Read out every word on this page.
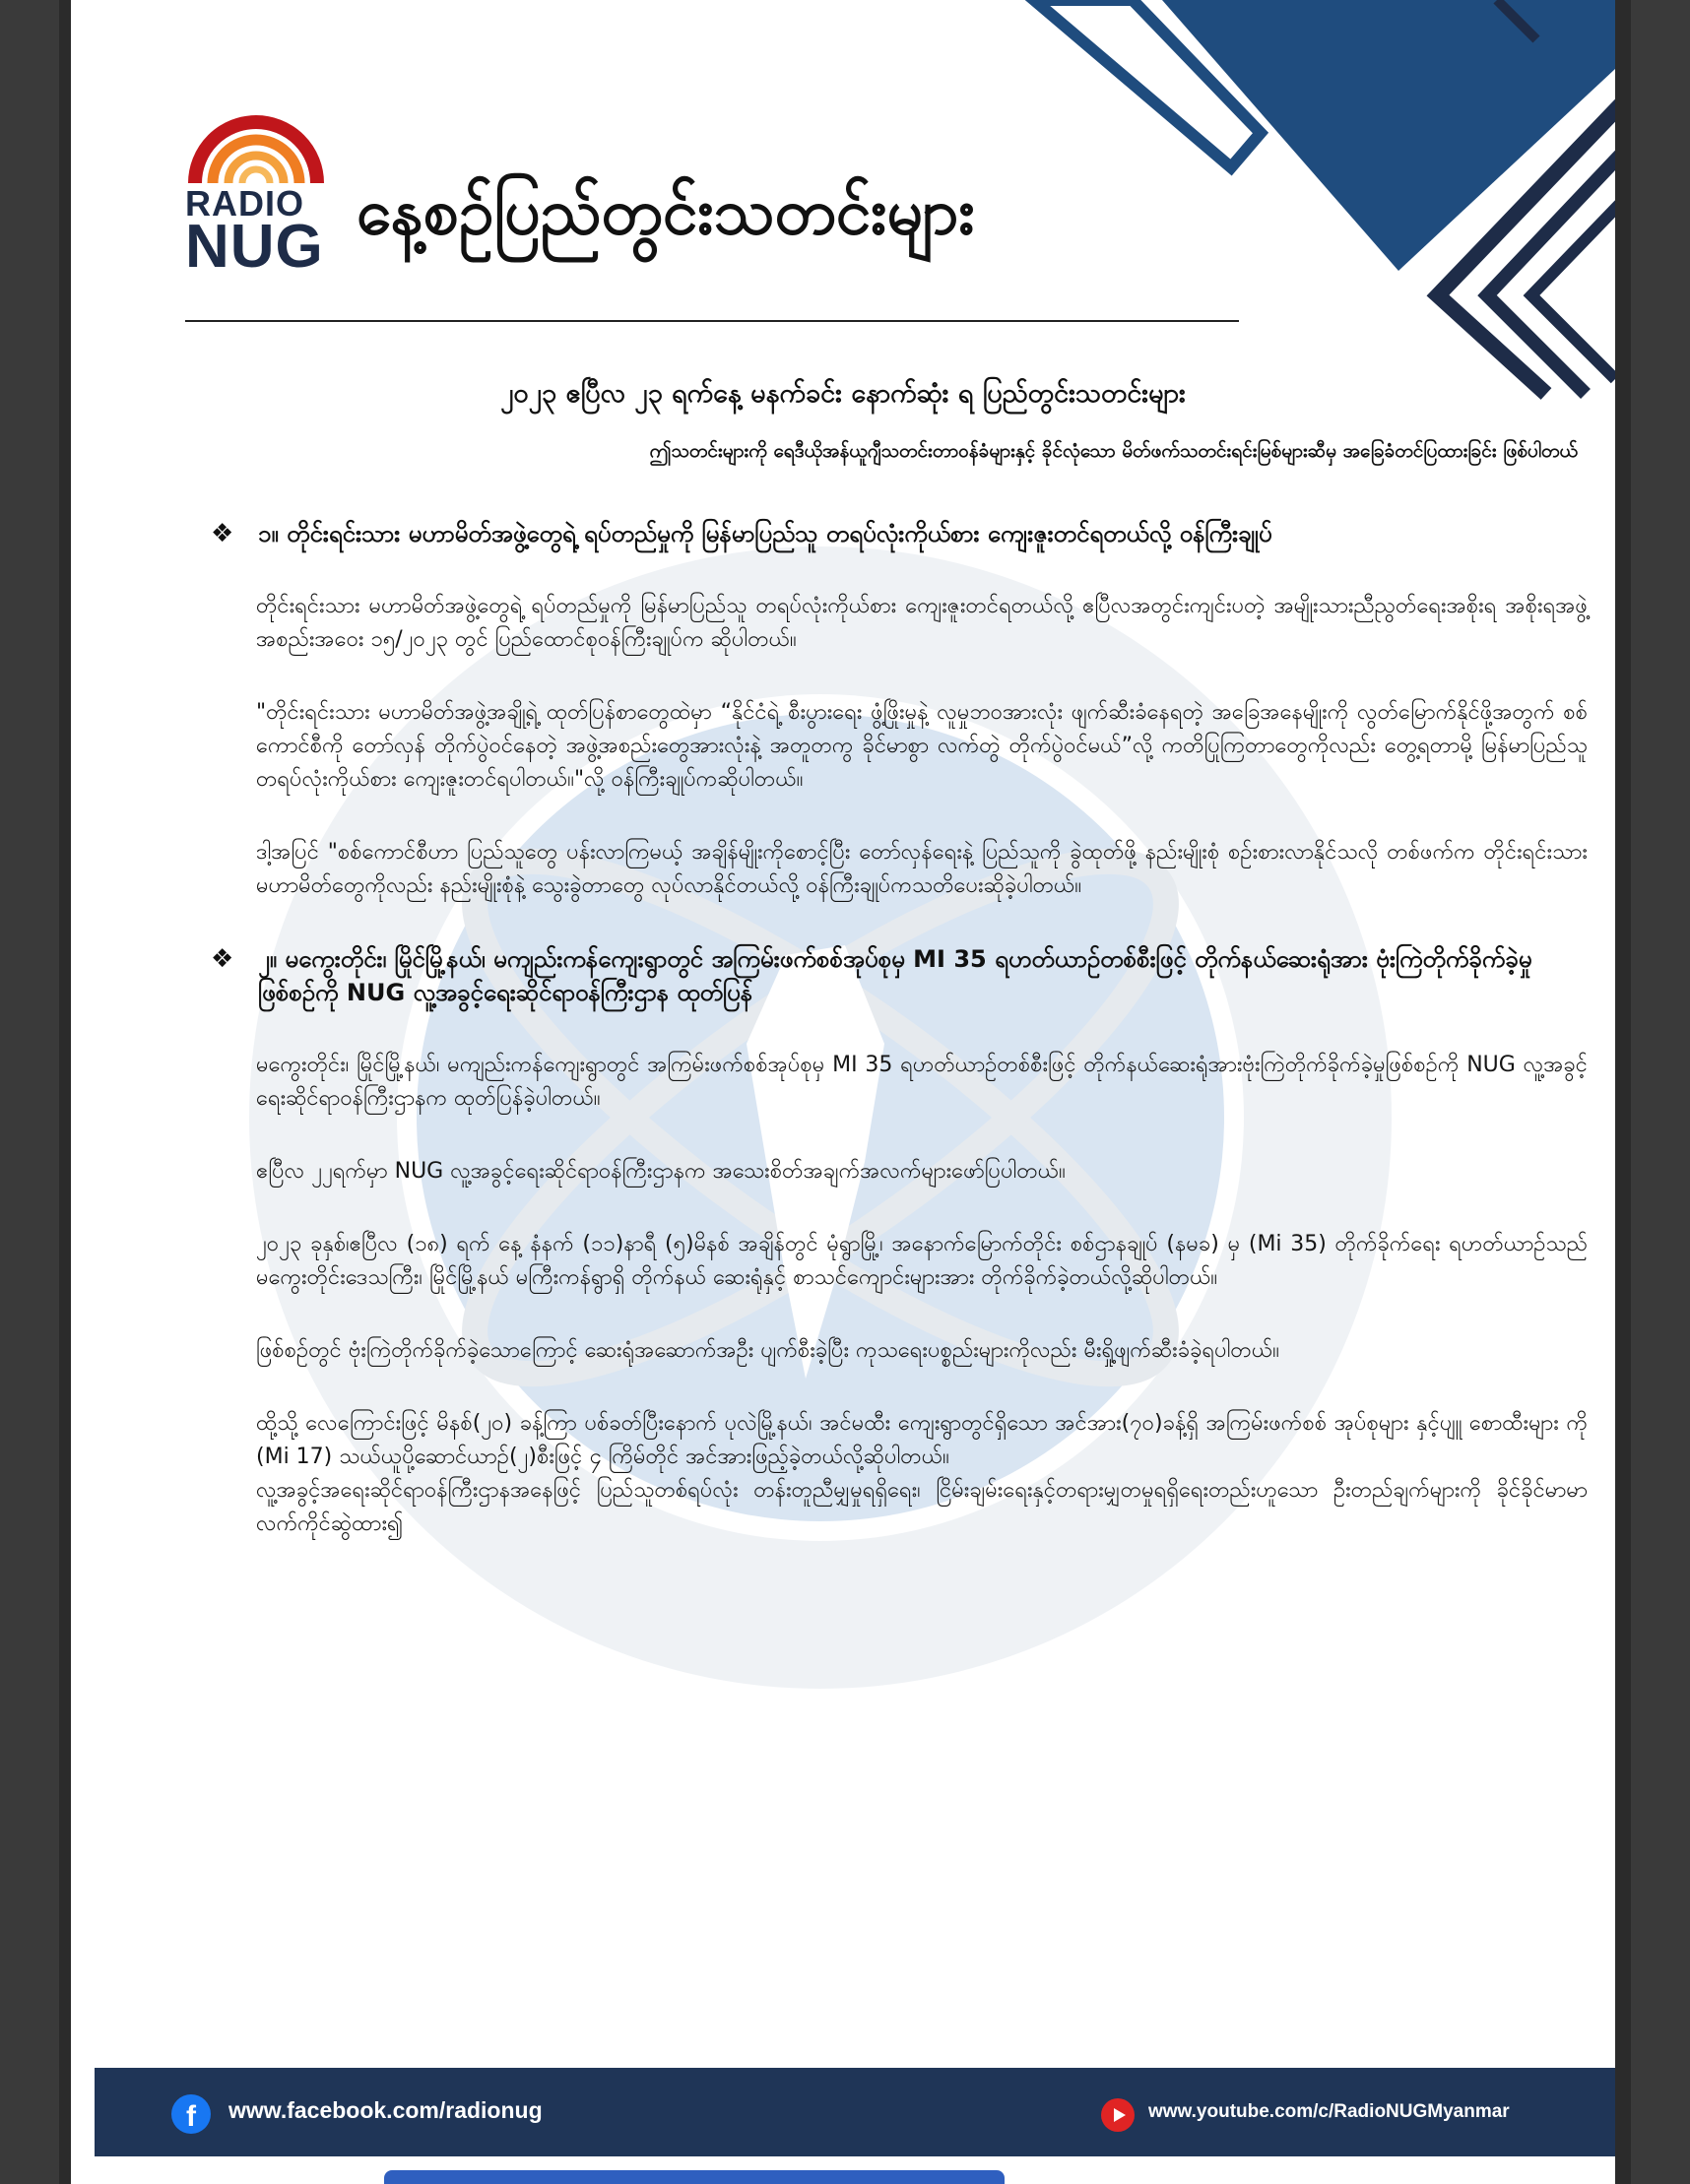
RADIO
NUG နေ့စဉ်ပြည်တွင်းသတင်းများ
၂၀၂၃ ဧပြီလ ၂၃ ရက်နေ့ မနက်ခင်း နောက်ဆုံး ရ ပြည်တွင်းသတင်းများ
ဤသတင်းများကို ရေဒီယိုအန်ယူဂျီသတင်းတာဝန်ခံများနှင့် ခိုင်လုံသော မိတ်ဖက်သတင်းရင်းမြစ်များဆီမှ အခြေခံတင်ပြထားခြင်း ဖြစ်ပါတယ်
❖ ၁။ တိုင်းရင်းသား မဟာမိတ်အဖွဲ့တွေရဲ့ ရပ်တည်မှုကို မြန်မာပြည်သူ တရပ်လုံးကိုယ်စား ကျေးဇူးတင်ရတယ်လို့ ဝန်ကြီးချုပ်

တိုင်းရင်းသား မဟာမိတ်အဖွဲ့တွေရဲ့ ရပ်တည်မှုကို မြန်မာပြည်သူ တရပ်လုံးကိုယ်စား ကျေးဇူးတင်ရတယ်လို့ ဧပြီလအတွင်းကျင်းပတဲ့ အမျိုးသားညီညွတ်ရေးအစိုးရ အစိုးရအဖွဲ့အစည်းအဝေး ၁၅/၂၀၂၃ တွင် ပြည်ထောင်စုဝန်ကြီးချုပ်က ဆိုပါတယ်။

"တိုင်းရင်းသား မဟာမိတ်အဖွဲ့အချို့ရဲ့ ထုတ်ပြန်စာတွေထဲမှာ “နိုင်ငံရဲ့ စီးပွားရေး ဖွံ့ဖြိုးမှုနဲ့ လူမှုဘဝအားလုံး ဖျက်ဆီးခံနေရတဲ့ အခြေအနေမျိုးကို လွတ်မြောက်နိုင်ဖို့အတွက် စစ်ကောင်စီကို တော်လှန် တိုက်ပွဲဝင်နေတဲ့ အဖွဲ့အစည်းတွေအားလုံးနဲ့ အတူတကွ ခိုင်မာစွာ လက်တွဲ တိုက်ပွဲဝင်မယ်”လို့ ကတိပြုကြတာတွေကိုလည်း တွေ့ရတာမို့ မြန်မာပြည်သူ တရပ်လုံးကိုယ်စား ကျေးဇူးတင်ရပါတယ်။"လို့ ဝန်ကြီးချုပ်ကဆိုပါတယ်။

ဒါ့အပြင် "စစ်ကောင်စီဟာ ပြည်သူတွေ ပန်းလာကြမယ့် အချိန်မျိုးကိုစောင့်ပြီး တော်လှန်ရေးနဲ့ ပြည်သူကို ခွဲထုတ်ဖို့ နည်းမျိုးစုံ စဉ်းစားလာနိုင်သလို တစ်ဖက်က တိုင်းရင်းသား မဟာမိတ်တွေကိုလည်း နည်းမျိုးစုံနဲ့ သွေးခွဲတာတွေ လုပ်လာနိုင်တယ်လို့ ဝန်ကြီးချုပ်ကသတိပေးဆိုခဲ့ပါတယ်။

❖ ၂။ မကွေးတိုင်း၊ မြိုင်မြို့နယ်၊ မကျည်းကန်ကျေးရွာတွင် အကြမ်းဖက်စစ်အုပ်စုမှ MI 35 ရဟတ်ယာဉ်တစ်စီးဖြင့် တိုက်နယ်ဆေးရုံအား ဗုံးကြဲတိုက်ခိုက်ခဲ့မှုဖြစ်စဉ်ကို NUG လူ့အခွင့်ရေးဆိုင်ရာဝန်ကြီးဌာန ထုတ်ပြန်

မကွေးတိုင်း၊ မြိုင်မြို့နယ်၊ မကျည်းကန်ကျေးရွာတွင် အကြမ်းဖက်စစ်အုပ်စုမှ MI 35 ရဟတ်ယာဉ်တစ်စီးဖြင့် တိုက်နယ်ဆေးရုံအားဗုံးကြဲတိုက်ခိုက်ခဲ့မှုဖြစ်စဉ်ကို NUG လူ့အခွင့်ရေးဆိုင်ရာဝန်ကြီးဌာနက ထုတ်ပြန်ခဲ့ပါတယ်။

ဧပြီလ ၂၂ရက်မှာ NUG လူ့အခွင့်ရေးဆိုင်ရာဝန်ကြီးဌာနက အသေးစိတ်အချက်အလက်များဖော်ပြပါတယ်။

၂၀၂၃ ခုနှစ်၊ဧပြီလ (၁၈) ရက် နေ့ နံနက် (၁၁)နာရီ (၅)မိနစ် အချိန်တွင် မုံရွာမြို့၊ အနောက်မြောက်တိုင်း စစ်ဌာနချုပ် (နမခ) မှ (Mi 35) တိုက်ခိုက်ရေး ရဟတ်ယာဉ်သည် မကွေးတိုင်းဒေသကြီး၊ မြိုင်မြို့နယ် မကြီးကန်ရွာရှိ တိုက်နယ် ဆေးရုံနှင့် စာသင်ကျောင်းများအား တိုက်ခိုက်ခဲ့တယ်လို့ဆိုပါတယ်။

ဖြစ်စဉ်တွင် ဗုံးကြဲတိုက်ခိုက်ခဲ့သောကြောင့် ဆေးရုံအဆောက်အဦး ပျက်စီးခဲ့ပြီး ကုသရေးပစ္စည်းများကိုလည်း မီးရှို့ဖျက်ဆီးခံခဲ့ရပါတယ်။

ထို့သို့ လေကြောင်းဖြင့် မိနစ်(၂၀) ခန့်ကြာ ပစ်ခတ်ပြီးနောက် ပုလဲမြို့နယ်၊ အင်မထီး ကျေးရွာတွင်ရှိသော အင်အား(၇၀)ခန့်ရှိ အကြမ်းဖက်စစ် အုပ်စုများ နှင့်ပျူ စောထီးများ ကို (Mi 17) သယ်ယူပို့ဆောင်ယာဉ်(၂)စီးဖြင့် ၄ ကြိမ်တိုင် အင်အားဖြည့်ခဲ့တယ်လို့ဆိုပါတယ်။

လူ့အခွင့်အရေးဆိုင်ရာဝန်ကြီးဌာနအနေဖြင့် ပြည်သူတစ်ရပ်လုံး တန်းတူညီမျှမှုရရှိရေး၊ ငြိမ်းချမ်းရေးနှင့်တရားမျှတမှုရရှိရေးတည်းဟူသော ဦးတည်ချက်များကို ခိုင်ခိုင်မာမာလက်ကိုင်ဆွဲထား၍

f	www.facebook.com/radionug	www.youtube.com/c/RadioNUGMyanmar
